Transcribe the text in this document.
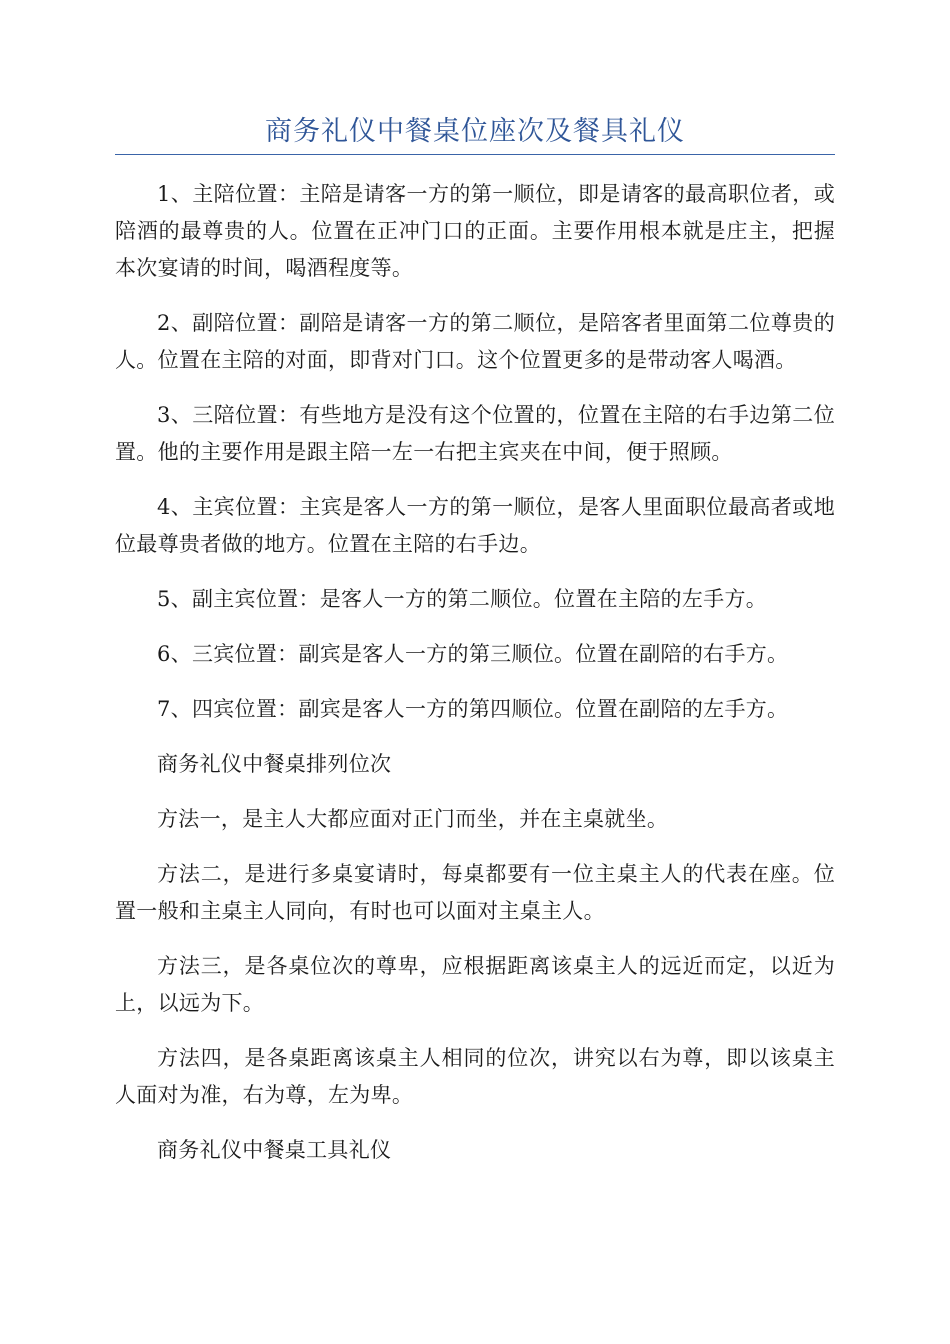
商务礼仪中餐桌位座次及餐具礼仪

1、主陪位置：主陪是请客一方的第一顺位，即是请客的最高职位者，或陪酒的最尊贵的人。位置在正冲门口的正面。主要作用根本就是庄主，把握本次宴请的时间，喝酒程度等。

2、副陪位置：副陪是请客一方的第二顺位，是陪客者里面第二位尊贵的人。位置在主陪的对面，即背对门口。这个位置更多的是带动客人喝酒。

3、三陪位置：有些地方是没有这个位置的，位置在主陪的右手边第二位置。他的主要作用是跟主陪一左一右把主宾夹在中间，便于照顾。

4、主宾位置：主宾是客人一方的第一顺位，是客人里面职位最高者或地位最尊贵者做的地方。位置在主陪的右手边。

5、副主宾位置：是客人一方的第二顺位。位置在主陪的左手方。

6、三宾位置：副宾是客人一方的第三顺位。位置在副陪的右手方。

7、四宾位置：副宾是客人一方的第四顺位。位置在副陪的左手方。

商务礼仪中餐桌排列位次

方法一，是主人大都应面对正门而坐，并在主桌就坐。

方法二，是进行多桌宴请时，每桌都要有一位主桌主人的代表在座。位置一般和主桌主人同向，有时也可以面对主桌主人。

方法三，是各桌位次的尊卑，应根据距离该桌主人的远近而定，以近为上，以远为下。

方法四，是各桌距离该桌主人相同的位次，讲究以右为尊，即以该桌主人面对为准，右为尊，左为卑。

商务礼仪中餐桌工具礼仪
